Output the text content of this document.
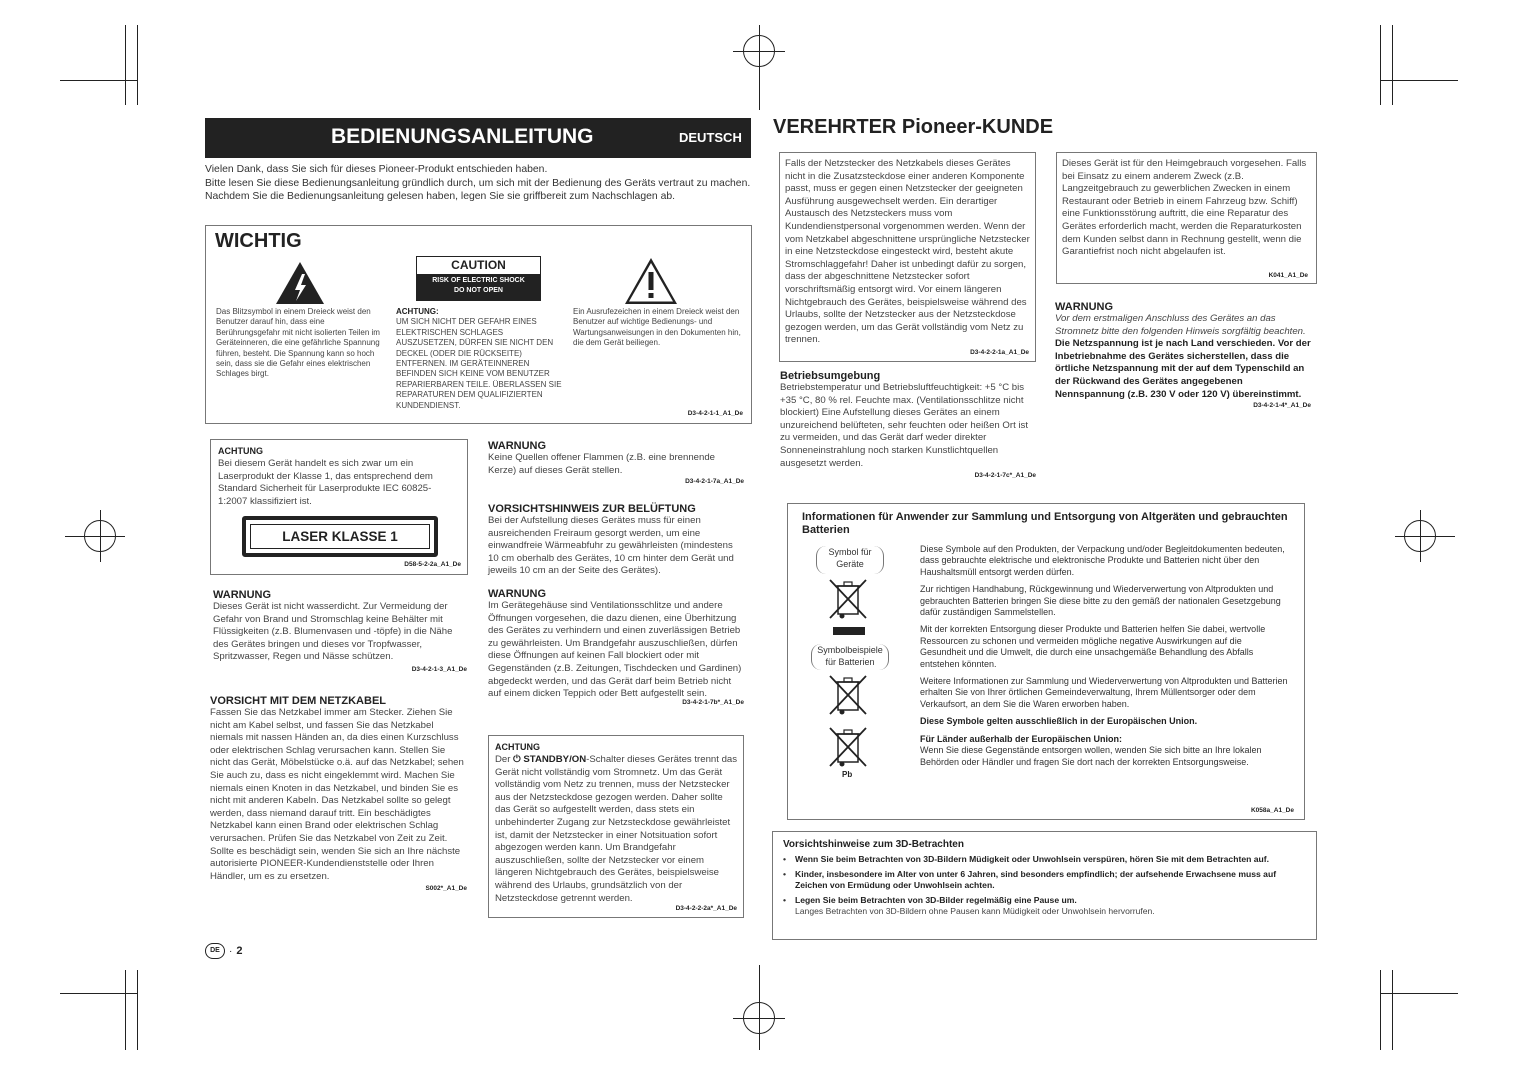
BEDIENUNGSANLEITUNG	DEUTSCH VEREHRTER Pioneer-KUNDE

Vielen Dank, dass Sie sich für dieses Pioneer-Produkt entschieden haben.

Bitte lesen Sie diese Bedienungsanleitung gründlich durch, um sich mit der Bedienung des Geräts vertraut zu machen. Nachdem Sie die Bedienungsanleitung gelesen haben, legen Sie sie griffbereit zum Nachschlagen ab.

WICHTIG
CAUTION
RISK OF ELECTRIC SHOCK DO NOT OPEN
Das Blitzsymbol in einem Dreieck weist den Benutzer darauf hin, dass eine Berührungsgefahr mit nicht isolierten Teilen im Geräteinneren, die eine gefährliche Spannung führen, besteht. Die Spannung kann so hoch sein, dass sie die Gefahr eines elektrischen Schlages birgt.
ACHTUNG:
UM SICH NICHT DER GEFAHR EINES ELEKTRISCHEN SCHLAGES AUSZUSETZEN, DÜRFEN SIE NICHT DEN DECKEL (ODER DIE RÜCKSEITE) ENTFERNEN. IM GERÄTEINNEREN BEFINDEN SICH KEINE VOM BENUTZER REPARIERBAREN TEILE. ÜBERLASSEN SIE REPARATUREN DEM QUALIFIZIERTEN KUNDENDIENST.
Ein Ausrufezeichen in einem Dreieck weist den Benutzer auf wichtige Bedienungs- und Wartungsanweisungen in den Dokumenten hin, die dem Gerät beiliegen.
D3-4-2-1-1_A1_De
ACHTUNG
Bei diesem Gerät handelt es sich zwar um ein Laserprodukt der Klasse 1, das entsprechend dem Standard Sicherheit für Laserprodukte IEC 60825-1:2007 klassifiziert ist.
LASER KLASSE 1
D58-5-2-2a_A1_De
WARNUNG
Dieses Gerät ist nicht wasserdicht. Zur Vermeidung der Gefahr von Brand und Stromschlag keine Behälter mit Flüssigkeiten (z.B. Blumenvasen und -töpfe) in die Nähe des Gerätes bringen und dieses vor Tropfwasser, Spritzwasser, Regen und Nässe schützen.
D3-4-2-1-3_A1_De
VORSICHT MIT DEM NETZKABEL
Fassen Sie das Netzkabel immer am Stecker. Ziehen Sie nicht am Kabel selbst, und fassen Sie das Netzkabel niemals mit nassen Händen an, da dies einen Kurzschluss oder elektrischen Schlag verursachen kann. Stellen Sie nicht das Gerät, Möbelstücke o.ä. auf das Netzkabel; sehen Sie auch zu, dass es nicht eingeklemmt wird. Machen Sie niemals einen Knoten in das Netzkabel, und binden Sie es nicht mit anderen Kabeln. Das Netzkabel sollte so gelegt werden, dass niemand darauf tritt. Ein beschädigtes Netzkabel kann einen Brand oder elektrischen Schlag verursachen. Prüfen Sie das Netzkabel von Zeit zu Zeit. Sollte es beschädigt sein, wenden Sie sich an Ihre nächste autorisierte PIONEER-Kundendienststelle oder Ihren Händler, um es zu ersetzen.
S002*_A1_De
WARNUNG
Keine Quellen offener Flammen (z.B. eine brennende Kerze) auf dieses Gerät stellen.
D3-4-2-1-7a_A1_De
VORSICHTSHINWEIS ZUR BELÜFTUNG
Bei der Aufstellung dieses Gerätes muss für einen ausreichenden Freiraum gesorgt werden, um eine einwandfreie Wärmeabfuhr zu gewährleisten (mindestens 10 cm oberhalb des Gerätes, 10 cm hinter dem Gerät und jeweils 10 cm an der Seite des Gerätes).
WARNUNG
Im Gerätegehäuse sind Ventilationsschlitze und andere Öffnungen vorgesehen, die dazu dienen, eine Überhitzung des Gerätes zu verhindern und einen zuverlässigen Betrieb zu gewährleisten. Um Brandgefahr auszuschließen, dürfen diese Öffnungen auf keinen Fall blockiert oder mit Gegenständen (z.B. Zeitungen, Tischdecken und Gardinen) abgedeckt werden, und das Gerät darf beim Betrieb nicht auf einem dicken Teppich oder Bett aufgestellt sein.
D3-4-2-1-7b*_A1_De
ACHTUNG
Der ⏻ STANDBY/ON-Schalter dieses Gerätes trennt das Gerät nicht vollständig vom Stromnetz. Um das Gerät vollständig vom Netz zu trennen, muss der Netzstecker aus der Netzsteckdose gezogen werden. Daher sollte das Gerät so aufgestellt werden, dass stets ein unbehinderter Zugang zur Netzsteckdose gewährleistet ist, damit der Netzstecker in einer Notsituation sofort abgezogen werden kann. Um Brandgefahr auszuschließen, sollte der Netzstecker vor einem längeren Nichtgebrauch des Gerätes, beispielsweise während des Urlaubs, grundsätzlich von der Netzsteckdose getrennt werden.
D3-4-2-2-2a*_A1_De
Falls der Netzstecker des Netzkabels dieses Gerätes nicht in die Zusatzsteckdose einer anderen Komponente passt, muss er gegen einen Netzstecker der geeigneten Ausführung ausgewechselt werden. Ein derartiger Austausch des Netzsteckers muss vom Kundendienstpersonal vorgenommen werden. Wenn der vom Netzkabel abgeschnittene ursprüngliche Netzstecker in eine Netzsteckdose eingesteckt wird, besteht akute Stromschlaggefahr! Daher ist unbedingt dafür zu sorgen, dass der abgeschnittene Netzstecker sofort vorschriftsmäßig entsorgt wird. Vor einem längeren Nichtgebrauch des Gerätes, beispielsweise während des Urlaubs, sollte der Netzstecker aus der Netzsteckdose gezogen werden, um das Gerät vollständig vom Netz zu trennen.
D3-4-2-2-1a_A1_De
Betriebsumgebung
Betriebstemperatur und Betriebsluftfeuchtigkeit: +5 °C bis +35 °C, 80 % rel. Feuchte max. (Ventilationsschlitze nicht blockiert) Eine Aufstellung dieses Gerätes an einem unzureichend belüfteten, sehr feuchten oder heißen Ort ist zu vermeiden, und das Gerät darf weder direkter Sonneneinstrahlung noch starken Kunstlichtquellen ausgesetzt werden.
D3-4-2-1-7c*_A1_De
Dieses Gerät ist für den Heimgebrauch vorgesehen. Falls bei Einsatz zu einem anderem Zweck (z.B. Langzeitgebrauch zu gewerblichen Zwecken in einem Restaurant oder Betrieb in einem Fahrzeug bzw. Schiff) eine Funktionsstörung auftritt, die eine Reparatur des Gerätes erforderlich macht, werden die Reparaturkosten dem Kunden selbst dann in Rechnung gestellt, wenn die Garantiefrist noch nicht abgelaufen ist.
K041_A1_De
WARNUNG
Vor dem erstmaligen Anschluss des Gerätes an das Stromnetz bitte den folgenden Hinweis sorgfältig beachten.
Die Netzspannung ist je nach Land verschieden. Vor der Inbetriebnahme des Gerätes sicherstellen, dass die örtliche Netzspannung mit der auf dem Typenschild an der Rückwand des Gerätes angegebenen Nennspannung (z.B. 230 V oder 120 V) übereinstimmt.
D3-4-2-1-4*_A1_De
Informationen für Anwender zur Sammlung und Entsorgung von Altgeräten und gebrauchten Batterien
Symbol für Geräte
Symbolbeispiele für Batterien
Pb

Diese Symbole auf den Produkten, der Verpackung und/oder Begleitdokumenten bedeuten, dass gebrauchte elektrische und elektronische Produkte und Batterien nicht über den Haushaltsmüll entsorgt werden dürfen.

Zur richtigen Handhabung, Rückgewinnung und Wiederverwertung von Altprodukten und gebrauchten Batterien bringen Sie diese bitte zu den gemäß der nationalen Gesetzgebung dafür zuständigen Sammelstellen.

Mit der korrekten Entsorgung dieser Produkte und Batterien helfen Sie dabei, wertvolle Ressourcen zu schonen und vermeiden mögliche negative Auswirkungen auf die Gesundheit und die Umwelt, die durch eine unsachgemäße Behandlung des Abfalls entstehen könnten.

Weitere Informationen zur Sammlung und Wiederverwertung von Altprodukten und Batterien erhalten Sie von Ihrer örtlichen Gemeindeverwaltung, Ihrem Müllentsorger oder dem Verkaufsort, an dem Sie die Waren erworben haben.

Diese Symbole gelten ausschließlich in der Europäischen Union.

Für Länder außerhalb der Europäischen Union:

Wenn Sie diese Gegenstände entsorgen wollen, wenden Sie sich bitte an Ihre lokalen Behörden oder Händler und fragen Sie dort nach der korrekten Entsorgungsweise.

K058a_A1_De
Vorsichtshinweise zum 3D-Betrachten
•	Wenn Sie beim Betrachten von 3D-Bildern Müdigkeit oder Unwohlsein verspüren, hören Sie mit dem Betrachten auf.
•	Kinder, insbesondere im Alter von unter 6 Jahren, sind besonders empfindlich; der aufsehende Erwachsene muss auf Zeichen von Ermüdung oder Unwohlsein achten.
•	Legen Sie beim Betrachten von 3D-Bilder regelmäßig eine Pause um.
Langes Betrachten von 3D-Bildern ohne Pausen kann Müdigkeit oder Unwohlsein hervorrufen.
DE · 2
